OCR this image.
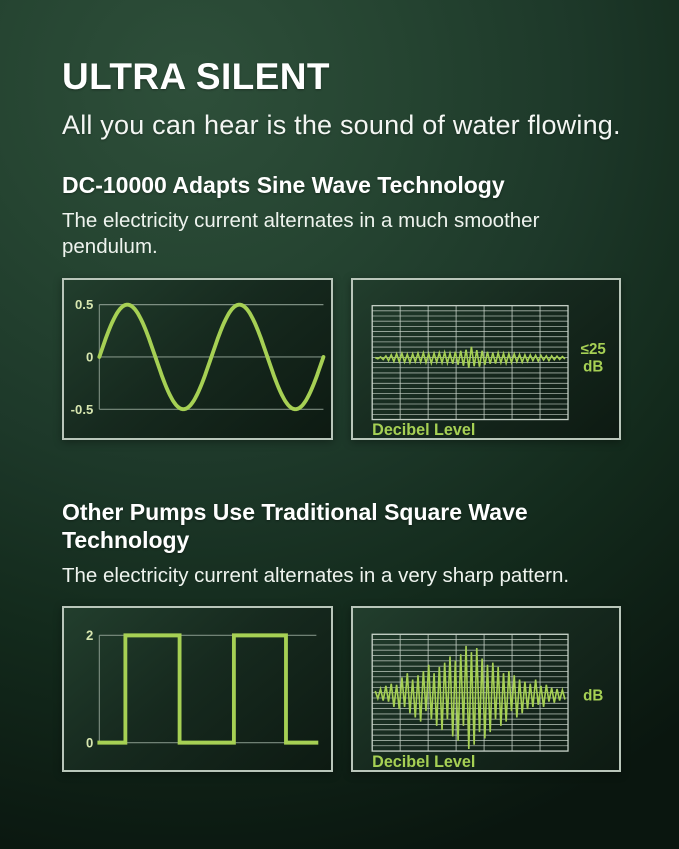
ULTRA SILENT

All you can hear is the sound of water flowing.

DC-10000 Adapts Sine Wave Technology

The electricity current alternates in a much smoother pendulum.

0.5
0
-0.5
≤25
dB
Decibel Level
Other Pumps Use Traditional Square Wave Technology

The electricity current alternates in a very sharp pattern.

2
0
dB
Decibel Level
